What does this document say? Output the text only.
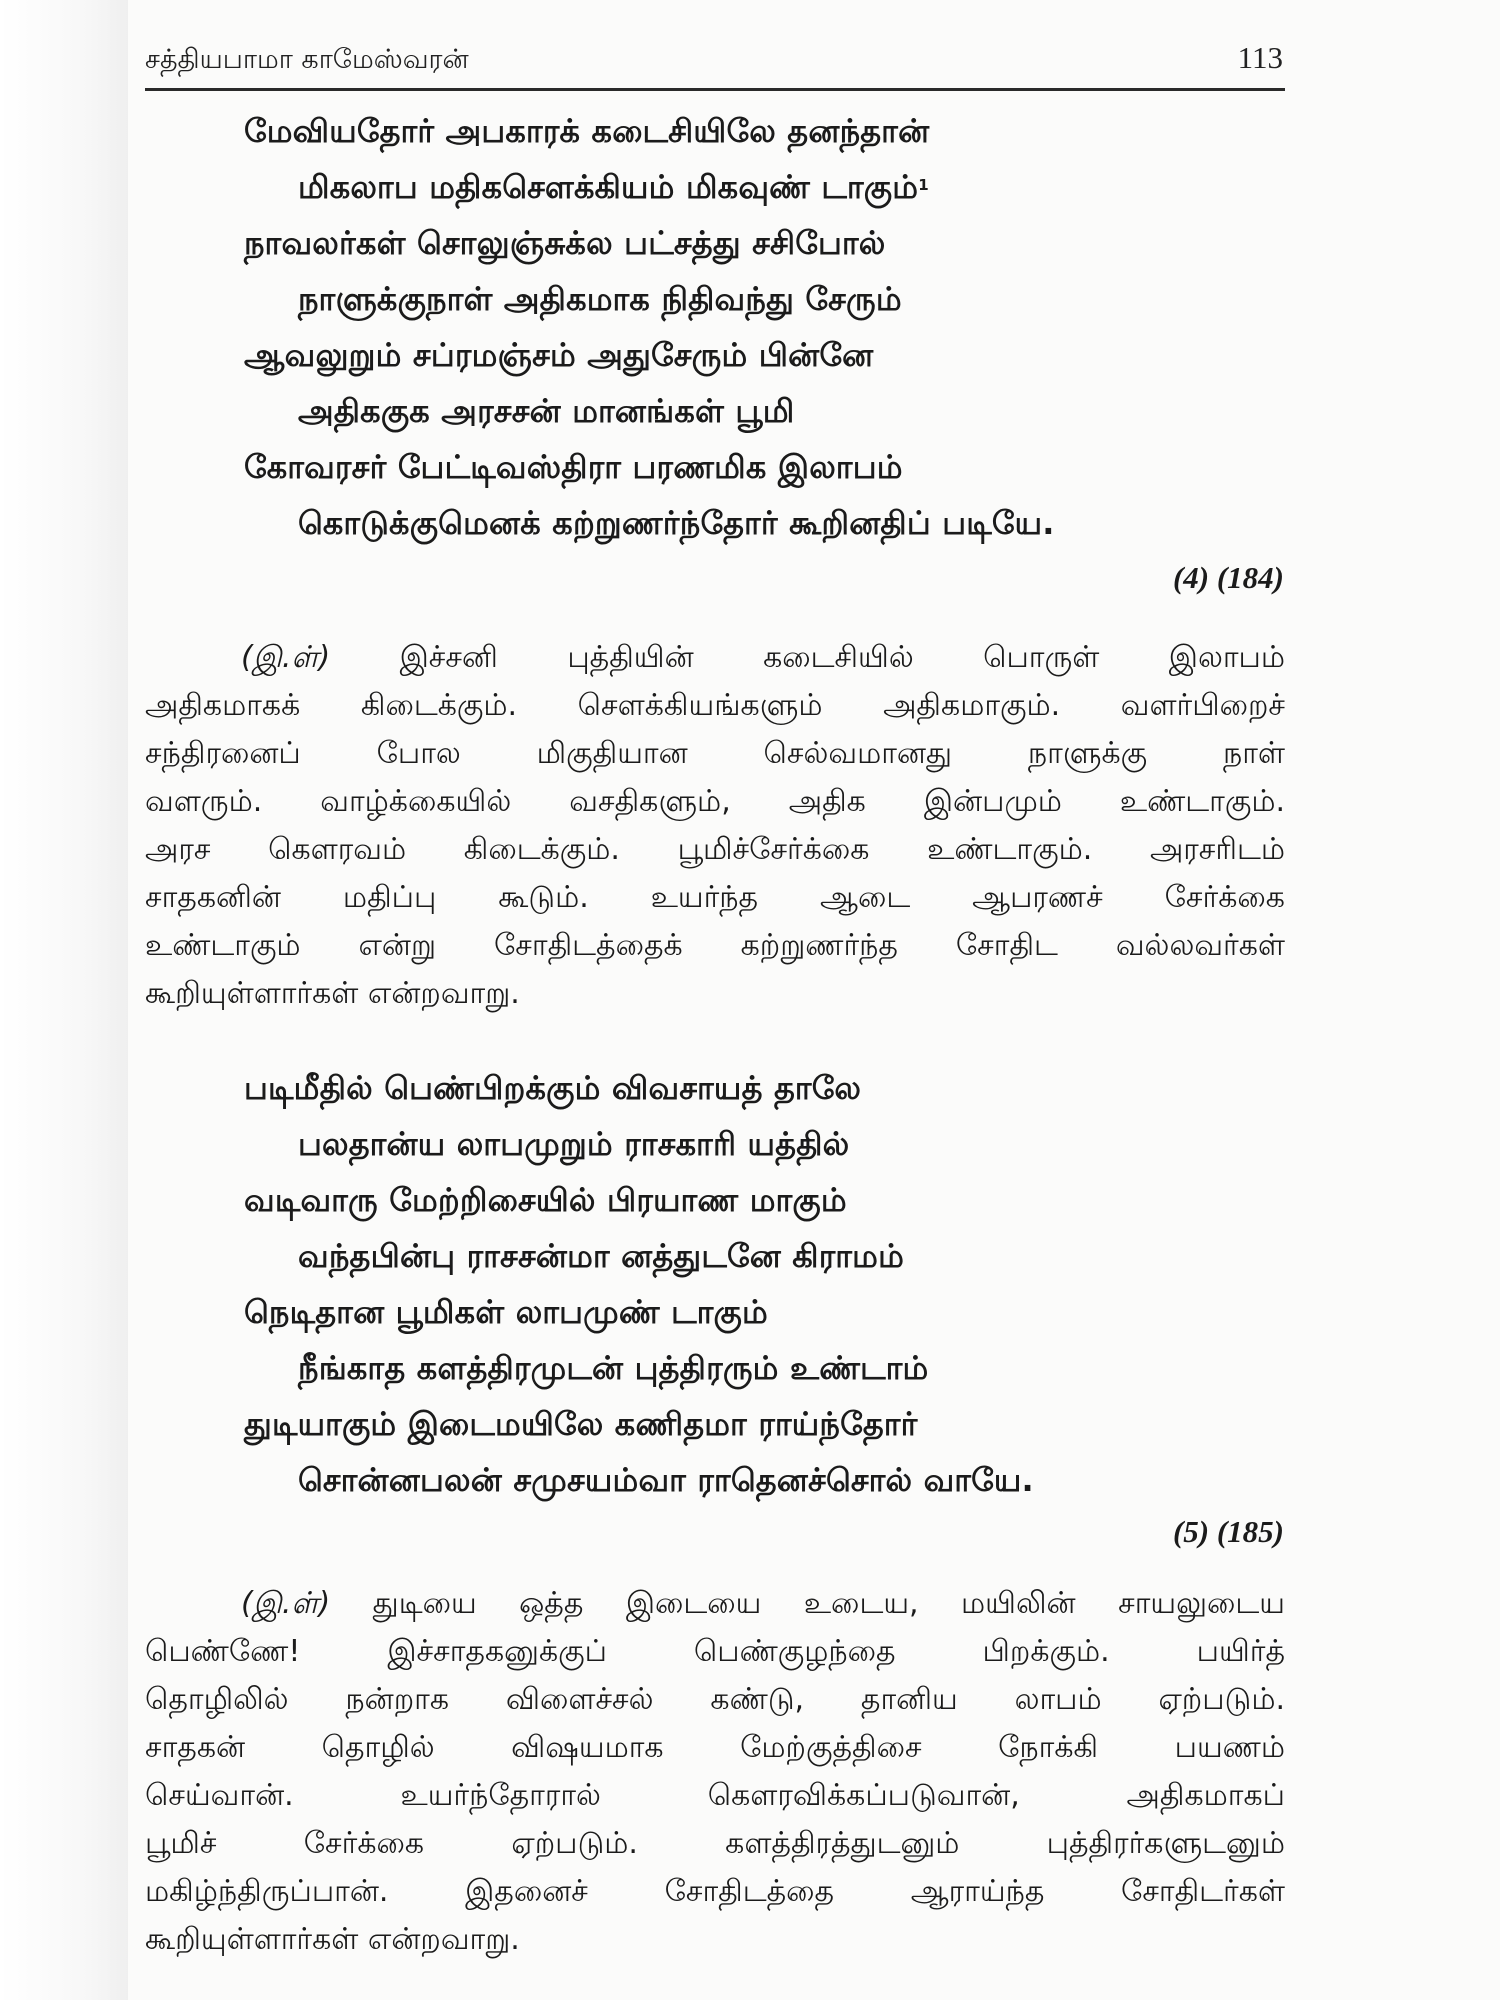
சத்தியபாமா காமேஸ்வரன்	113
மேவியதோர் அபகாரக் கடைசியிலே தனந்தான்
மிகலாப மதிகசௌக்கியம் மிகவுண் டாகும்$^1$
நாவலர்கள் சொலுஞ்சுக்ல பட்சத்து சசிபோல்
நாளுக்குநாள் அதிகமாக நிதிவந்து சேரும்
ஆவலுறும் சப்ரமஞ்சம் அதுசேரும் பின்னே
அதிககுக அரசசன் மானங்கள் பூமி
கோவரசர் பேட்டிவஸ்திரா பரணமிக இலாபம்
கொடுக்குமெனக் கற்றுணர்ந்தோர் கூறினதிப் படியே.
(4) (184)
(இ.ள்) இச்சனி புத்தியின் கடைசியில் பொருள் இலாபம்
அதிகமாகக் கிடைக்கும். சௌக்கியங்களும் அதிகமாகும். வளர்பிறைச்
சந்திரனைப் போல மிகுதியான செல்வமானது நாளுக்கு நாள்
வளரும். வாழ்க்கையில் வசதிகளும், அதிக இன்பமும் உண்டாகும்.
அரச கௌரவம் கிடைக்கும். பூமிச்சேர்க்கை உண்டாகும். அரசரிடம்
சாதகனின் மதிப்பு கூடும். உயர்ந்த ஆடை ஆபரணச் சேர்க்கை
உண்டாகும் என்று சோதிடத்தைக் கற்றுணர்ந்த சோதிட வல்லவர்கள்
கூறியுள்ளார்கள் என்றவாறு.
படிமீதில் பெண்பிறக்கும் விவசாயத் தாலே
பலதான்ய லாபமுறும் ராசகாரி யத்தில்
வடிவாரு மேற்றிசையில் பிரயாண மாகும்
வந்தபின்பு ராசசன்மா னத்துடனே கிராமம்
நெடிதான பூமிகள் லாபமுண் டாகும்
நீங்காத களத்திரமுடன் புத்திரரும் உண்டாம்
துடியாகும் இடைமயிலே கணிதமா ராய்ந்தோர்
சொன்னபலன் சமுசயம்வா ராதெனச்சொல் வாயே.
(5) (185)
(இ.ள்) துடியை ஒத்த இடையை உடைய, மயிலின் சாயலுடைய
பெண்ணே! இச்சாதகனுக்குப் பெண்குழந்தை பிறக்கும். பயிர்த்
தொழிலில் நன்றாக விளைச்சல் கண்டு, தானிய லாபம் ஏற்படும்.
சாதகன் தொழில் விஷயமாக மேற்குத்திசை நோக்கி பயணம்
செய்வான். உயர்ந்தோரால் கௌரவிக்கப்படுவான், அதிகமாகப்
பூமிச் சேர்க்கை ஏற்படும். களத்திரத்துடனும் புத்திரர்களுடனும்
மகிழ்ந்திருப்பான். இதனைச் சோதிடத்தை ஆராய்ந்த சோதிடர்கள்
கூறியுள்ளார்கள் என்றவாறு.
